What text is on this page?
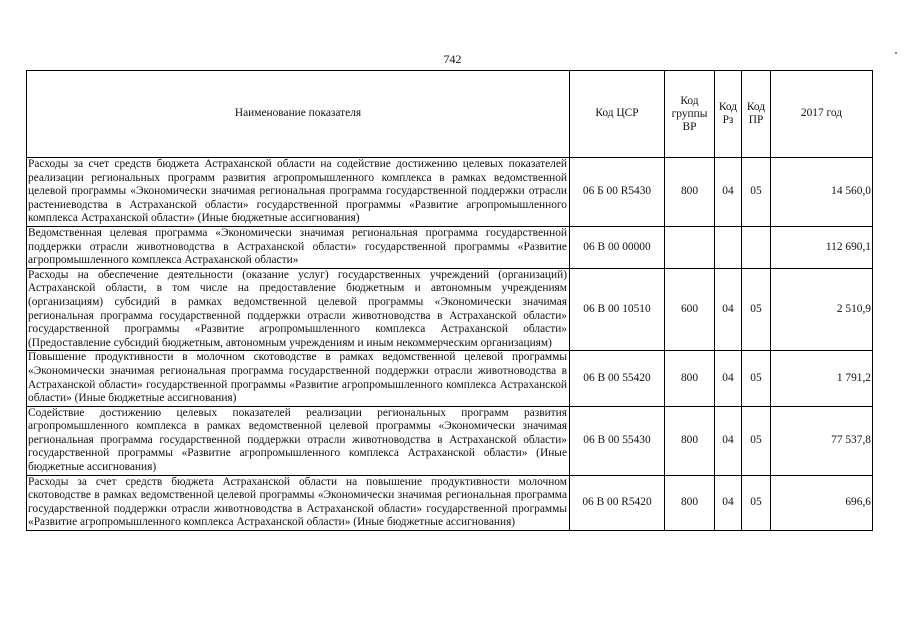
742
Наименование показателя	Код ЦСР	Код группы ВР	Код Рз	Код ПР	2017 год
Расходы за счет средств бюджета Астраханской области на содействие достижению целевых показателей реализации региональных программ развития агропромышленного комплекса в рамках ведомственной целевой программы «Экономически значимая региональная программа государственной поддержки отрасли растениеводства в Астраханской области» государственной программы «Развитие агропромышленного комплекса Астраханской области» (Иные бюджетные ассигнования)	06 Б 00 R5430	800	04	05	14 560,0
Ведомственная целевая программа «Экономически значимая региональная программа государственной поддержки отрасли животноводства в Астраханской области» государственной программы «Развитие агропромышленного комплекса Астраханской области»	06 В 00 00000				112 690,1
Расходы на обеспечение деятельности (оказание услуг) государственных учреждений (организаций) Астраханской области, в том числе на предоставление бюджетным и автономным учреждениям (организациям) субсидий в рамках ведомственной целевой программы «Экономически значимая региональная программа государственной поддержки отрасли животноводства в Астраханской области» государственной программы «Развитие агропромышленного комплекса Астраханской области» (Предоставление субсидий бюджетным, автономным учреждениям и иным некоммерческим организациям)	06 В 00 10510	600	04	05	2 510,9
Повышение продуктивности в молочном скотоводстве в рамках ведомственной целевой программы «Экономически значимая региональная программа государственной поддержки отрасли животноводства в Астраханской области» государственной программы «Развитие агропромышленного комплекса Астраханской области» (Иные бюджетные ассигнования)	06 В 00 55420	800	04	05	1 791,2
Содействие достижению целевых показателей реализации региональных программ развития агропромышленного комплекса в рамках ведомственной целевой программы «Экономически значимая региональная программа государственной поддержки отрасли животноводства в Астраханской области» государственной программы «Развитие агропромышленного комплекса Астраханской области» (Иные бюджетные ассигнования)	06 В 00 55430	800	04	05	77 537,8
Расходы за счет средств бюджета Астраханской области на повышение продуктивности молочном скотоводстве в рамках ведомственной целевой программы «Экономически значимая региональная программа государственной поддержки отрасли животноводства в Астраханской области» государственной программы «Развитие агропромышленного комплекса Астраханской области» (Иные бюджетные ассигнования)	06 В 00 R5420	800	04	05	696,6
